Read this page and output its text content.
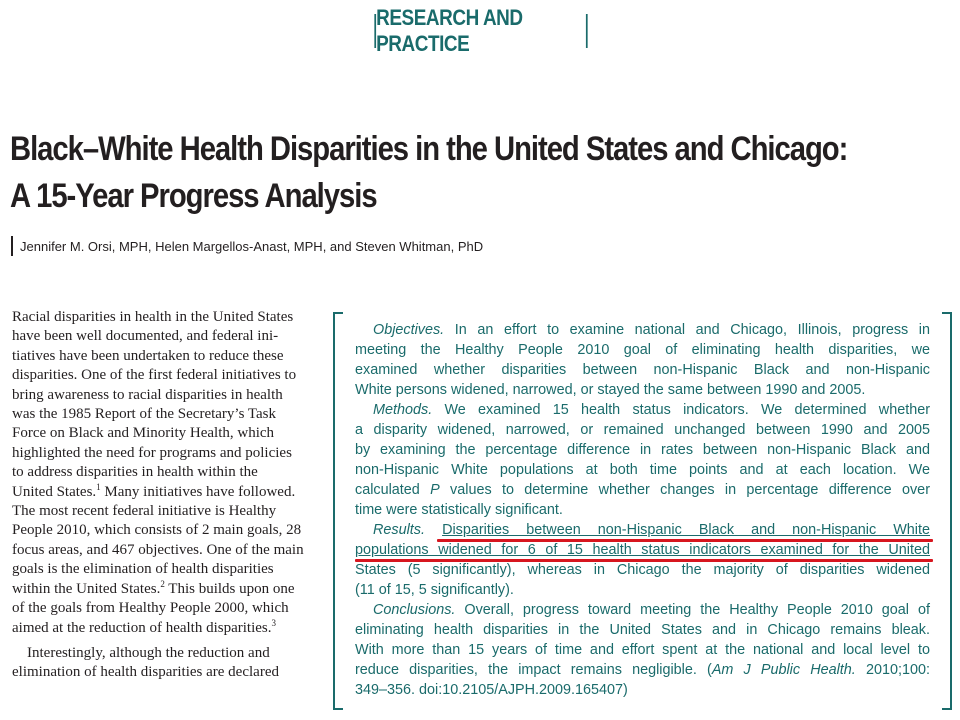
RESEARCH AND PRACTICE
Black–White Health Disparities in the United States and Chicago:
A 15-Year Progress Analysis
Jennifer M. Orsi, MPH, Helen Margellos-Anast, MPH, and Steven Whitman, PhD
Racial disparities in health in the United States
have been well documented, and federal ini-
tiatives have been undertaken to reduce these
disparities. One of the first federal initiatives to
bring awareness to racial disparities in health
was the 1985 Report of the Secretary’s Task
Force on Black and Minority Health, which
highlighted the need for programs and policies
to address disparities in health within the
United States.$^1$ Many initiatives have followed.
The most recent federal initiative is Healthy
People 2010, which consists of 2 main goals, 28
focus areas, and 467 objectives. One of the main
goals is the elimination of health disparities
within the United States.$^2$ This builds upon one
of the goals from Healthy People 2000, which
aimed at the reduction of health disparities.$^3$
Interestingly, although the reduction and
elimination of health disparities are declared
Objectives. In an effort to examine national and Chicago, Illinois, progress in
meeting the Healthy People 2010 goal of eliminating health disparities, we
examined whether disparities between non-Hispanic Black and non-Hispanic
White persons widened, narrowed, or stayed the same between 1990 and 2005.
Methods. We examined 15 health status indicators. We determined whether
a disparity widened, narrowed, or remained unchanged between 1990 and 2005
by examining the percentage difference in rates between non-Hispanic Black and
non-Hispanic White populations at both time points and at each location. We
calculated P values to determine whether changes in percentage difference over
time were statistically significant.
Results. Disparities between non-Hispanic Black and non-Hispanic White
populations widened for 6 of 15 health status indicators examined for the United
States (5 significantly), whereas in Chicago the majority of disparities widened
(11 of 15, 5 significantly).
Conclusions. Overall, progress toward meeting the Healthy People 2010 goal of
eliminating health disparities in the United States and in Chicago remains bleak.
With more than 15 years of time and effort spent at the national and local level to
reduce disparities, the impact remains negligible. (Am J Public Health. 2010;100:
349–356. doi:10.2105/AJPH.2009.165407)
